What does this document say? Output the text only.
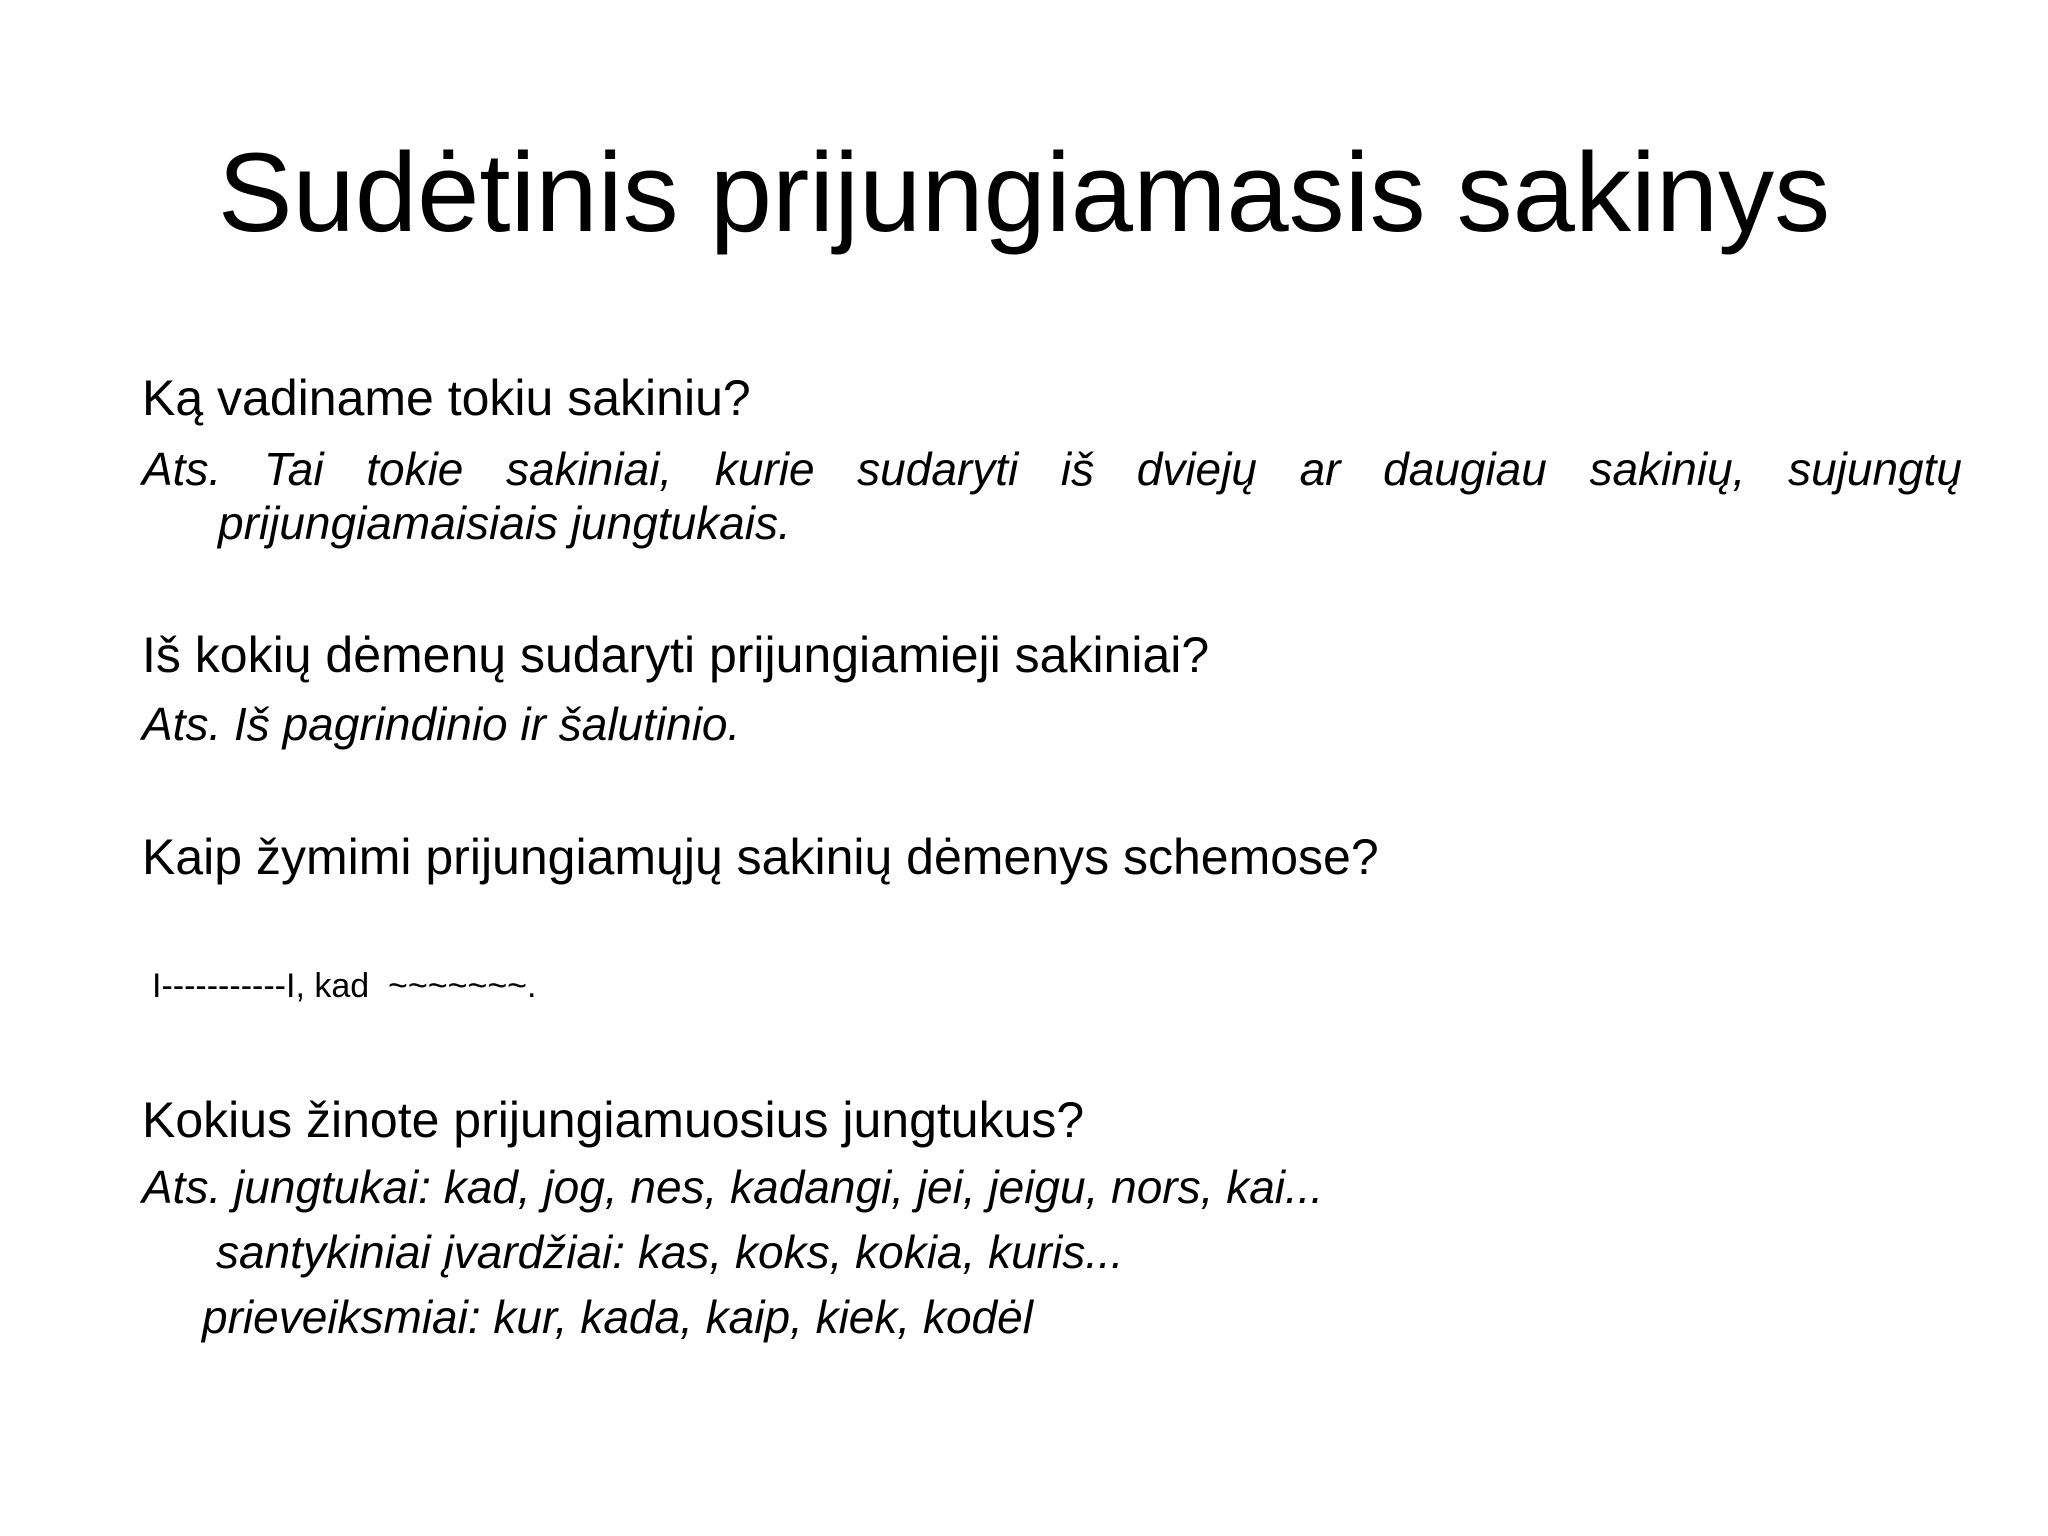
Sudėtinis prijungiamasis sakinys
Ką vadiname tokiu sakiniu?
Ats. Tai tokie sakiniai, kurie sudaryti iš dviejų ar daugiau sakinių, sujungtų
prijungiamaisiais jungtukais.
Iš kokių dėmenų sudaryti prijungiamieji sakiniai?
Ats. Iš pagrindinio ir šalutinio.
Kaip žymimi prijungiamųjų sakinių dėmenys schemose?
I-----------I, kad  ~~~~~~~.
Kokius žinote prijungiamuosius jungtukus?
Ats. jungtukai: kad, jog, nes, kadangi, jei, jeigu, nors, kai...
santykiniai įvardžiai: kas, koks, kokia, kuris...
prieveiksmiai: kur, kada, kaip, kiek, kodėl
